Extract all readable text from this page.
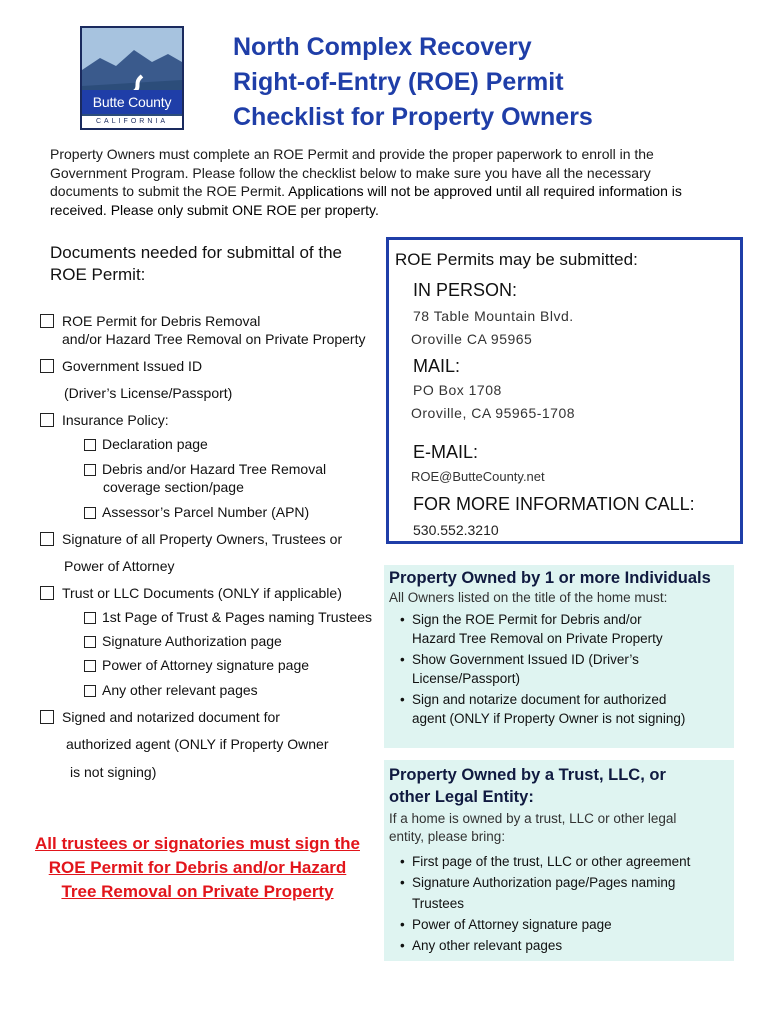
Butte County
CALIFORNIA
North Complex Recovery
Right-of-Entry (ROE) Permit
Checklist for Property Owners
Property Owners must complete an ROE Permit and provide the proper paperwork to enroll in the Government Program. Please follow the checklist below to make sure you have all the necessary documents to submit the ROE Permit. Applications will not be approved until all required information is received. Please only submit ONE ROE per property.
Documents needed for submittal of the ROE Permit:
ROE Permit for Debris Removal
and/or Hazard Tree Removal on Private Property
Government Issued ID
(Driver’s License/Passport)
Insurance Policy:
Declaration page
Debris and/or Hazard Tree Removal
coverage section/page
Assessor’s Parcel Number (APN)
Signature of all Property Owners, Trustees or
Power of Attorney
Trust or LLC Documents (ONLY if applicable)
1st Page of Trust & Pages naming Trustees
Signature Authorization page
Power of Attorney signature page
Any other relevant pages
Signed and notarized document for
authorized agent (ONLY if Property Owner
is not signing)
All trustees or signatories must sign the ROE Permit for Debris and/or Hazard Tree Removal on Private Property
ROE Permits may be submitted:
IN PERSON:
78 Table Mountain Blvd.
Oroville CA 95965
MAIL:
PO Box 1708
Oroville, CA 95965-1708
E-MAIL:
ROE@ButteCounty.net
FOR MORE INFORMATION CALL:
530.552.3210
Property Owned by 1 or more Individuals
All Owners listed on the title of the home must:
• Sign the ROE Permit for Debris and/or Hazard Tree Removal on Private Property
• Show Government Issued ID (Driver’s License/Passport)
• Sign and notarize document for authorized agent (ONLY if Property Owner is not signing)
Property Owned by a Trust, LLC, or
other Legal Entity:
If a home is owned by a trust, LLC or other legal entity, please bring:
• First page of the trust, LLC or other agreement
• Signature Authorization page/Pages naming Trustees
• Power of Attorney signature page
• Any other relevant pages
